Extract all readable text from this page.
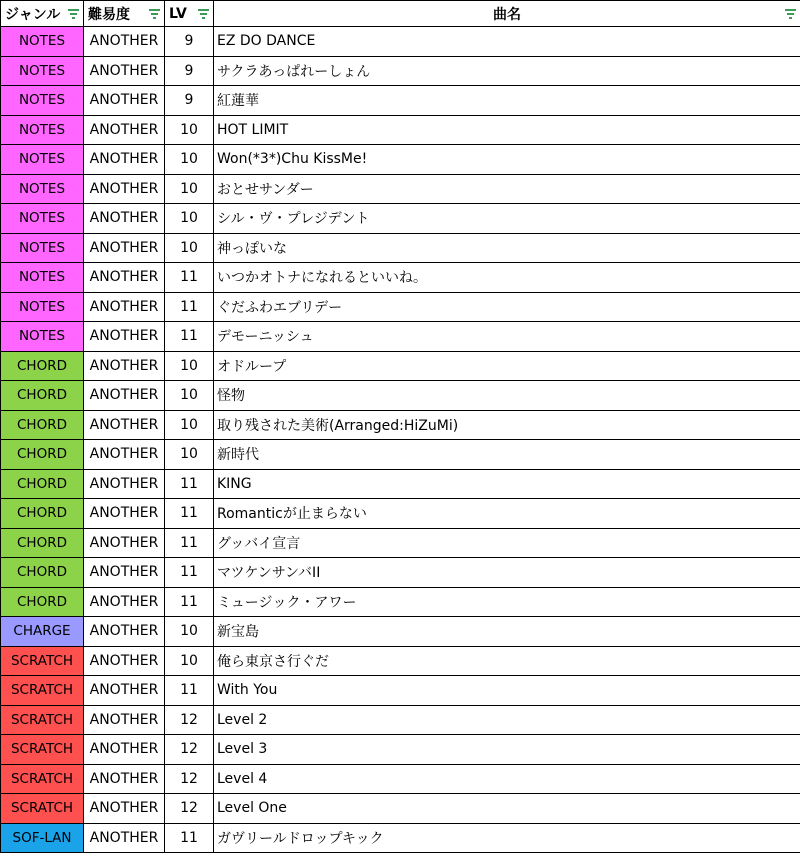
ジャンル	難易度	LV	曲名

NOTES	ANOTHER	9	EZ DO DANCE
NOTES	ANOTHER	9	サクラあっぱれーしょん
NOTES	ANOTHER	9	紅蓮華
NOTES	ANOTHER	10	HOT LIMIT
NOTES	ANOTHER	10	Won(*3*)Chu KissMe!
NOTES	ANOTHER	10	おとせサンダー
NOTES	ANOTHER	10	シル・ヴ・プレジデント
NOTES	ANOTHER	10	神っぽいな
NOTES	ANOTHER	11	いつかオトナになれるといいね。
NOTES	ANOTHER	11	ぐだふわエブリデー
NOTES	ANOTHER	11	デモーニッシュ
CHORD	ANOTHER	10	オドループ
CHORD	ANOTHER	10	怪物
CHORD	ANOTHER	10	取り残された美術(Arranged:HiZuMi)
CHORD	ANOTHER	10	新時代
CHORD	ANOTHER	11	KING
CHORD	ANOTHER	11	Romanticが止まらない
CHORD	ANOTHER	11	グッバイ宣言
CHORD	ANOTHER	11	マツケンサンバII
CHORD	ANOTHER	11	ミュージック・アワー
CHARGE	ANOTHER	10	新宝島
SCRATCH	ANOTHER	10	俺ら東京さ行ぐだ
SCRATCH	ANOTHER	11	With You
SCRATCH	ANOTHER	12	Level 2
SCRATCH	ANOTHER	12	Level 3
SCRATCH	ANOTHER	12	Level 4
SCRATCH	ANOTHER	12	Level One
SOF-LAN	ANOTHER	11	ガヴリールドロップキック
